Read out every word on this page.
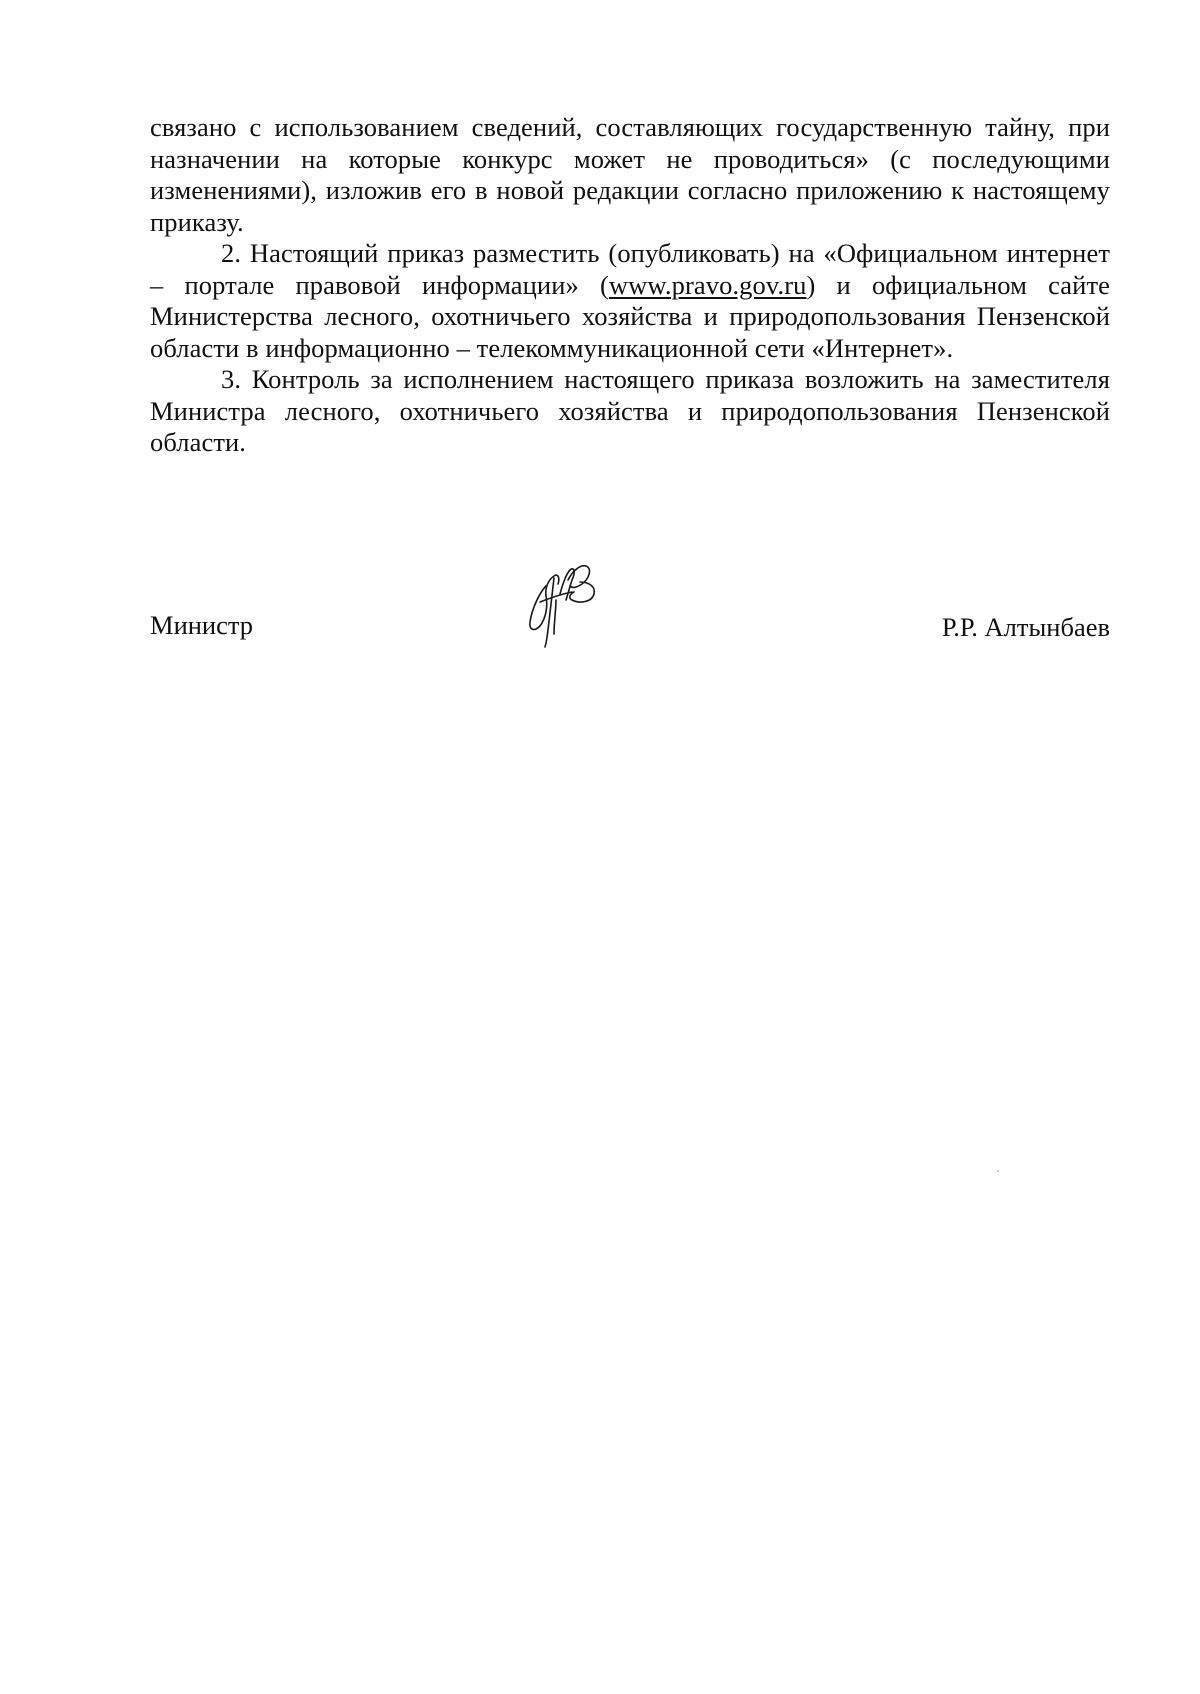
связано с использованием сведений, составляющих государственную тайну, при назначении на которые конкурс может не проводиться» (с последующими изменениями), изложив его в новой редакции согласно приложению к настоящему приказу.

2. Настоящий приказ разместить (опубликовать) на «Официальном интернет – портале правовой информации» (www.pravo.gov.ru) и официальном сайте Министерства лесного, охотничьего хозяйства и природопользования Пензенской области в информационно – телекоммуникационной сети «Интернет».

3. Контроль за исполнением настоящего приказа возложить на заместителя Министра лесного, охотничьего хозяйства и природопользования Пензенской области.

Министр	Р.Р. Алтынбаев
